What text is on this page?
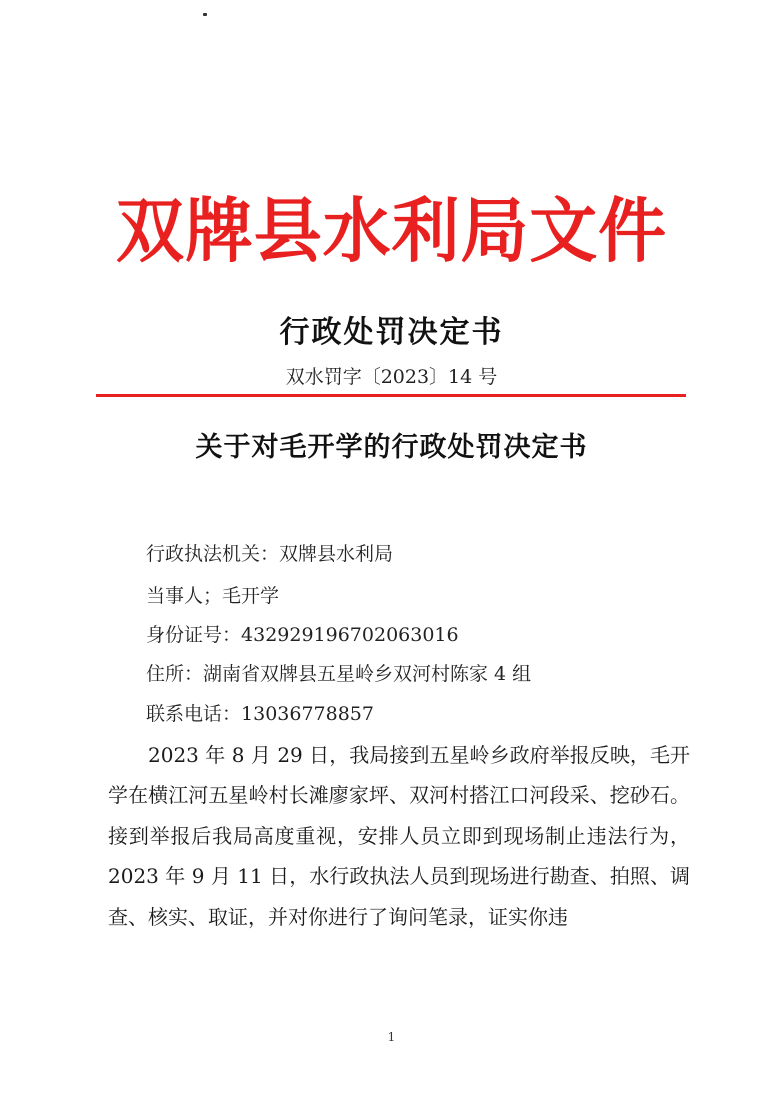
双牌县水利局文件
行政处罚决定书
双水罚字〔2023〕14 号
关于对毛开学的行政处罚决定书
行政执法机关：双牌县水利局
当事人；毛开学
身份证号：432929196702063016
住所：湖南省双牌县五星岭乡双河村陈家 4 组
联系电话：13036778857
2023 年 8 月 29 日，我局接到五星岭乡政府举报反映，毛开学在横江河五星岭村长滩廖家坪、双河村搭江口河段采、挖砂石。接到举报后我局高度重视，安排人员立即到现场制止违法行为，2023 年 9 月 11 日，水行政执法人员到现场进行勘查、拍照、调查、核实、取证，并对你进行了询问笔录，证实你违
1
